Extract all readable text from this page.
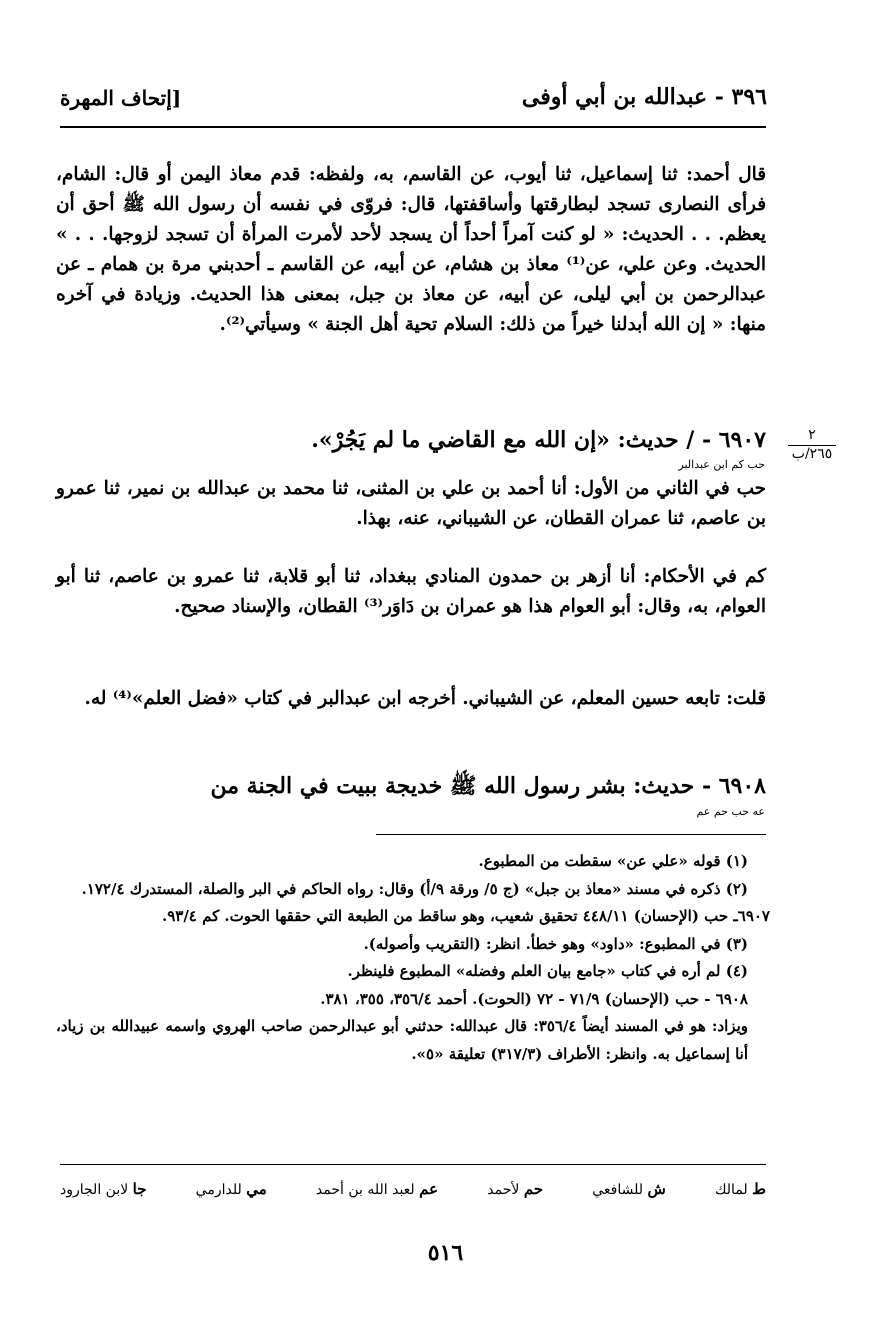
٣٩٦ - عبدالله بن أبي أوفى
[إتحاف المهرة

قال أحمد: ثنا إسماعيل، ثنا أيوب، عن القاسم، به، ولفظه: قدم معاذ اليمن أو قال: الشام، فرأى النصارى تسجد لبطارقتها وأساقفتها، قال: فروّى في نفسه أن رسول الله ﷺ أحق أن يعظم. . . الحديث: « لو كنت آمراً أحداً أن يسجد لأحد لأمرت المرأة أن تسجد لزوجها. . . » الحديث. وعن علي، عن⁽¹⁾ معاذ بن هشام، عن أبيه، عن القاسم ـ أحدبني مرة بن همام ـ عن عبدالرحمن بن أبي ليلى، عن أبيه، عن معاذ بن جبل، بمعنى هذا الحديث. وزيادة في آخره منها: « إن الله أبدلنا خيراً من ذلك: السلام تحية أهل الجنة » وسيأتي⁽²⁾.

٢
٢٦٥/ب
٦٩٠٧ - / حديث: «إن الله مع القاضي ما لم يَجُرْ».
حب كم ابن عبدالبر

حب في الثاني من الأول: أنا أحمد بن علي بن المثنى، ثنا محمد بن عبدالله بن نمير، ثنا عمرو بن عاصم، ثنا عمران القطان، عن الشيباني، عنه، بهذا.

كم في الأحكام: أنا أزهر بن حمدون المنادي ببغداد، ثنا أبو قلابة، ثنا عمرو بن عاصم، ثنا أبو العوام، به، وقال: أبو العوام هذا هو عمران بن دَاوَر⁽³⁾ القطان، والإسناد صحيح.

قلت: تابعه حسين المعلم، عن الشيباني. أخرجه ابن عبدالبر في كتاب «فضل العلم»⁽⁴⁾ له.

٦٩٠٨ - حديث: بشر رسول الله ﷺ خديجة ببيت في الجنة من
عه حب حم عم

(١) قوله «علي عن» سقطت من المطبوع.

(٢) ذكره في مسند «معاذ بن جبل» (ج ٥/ ورقة ٩/أ) وقال: رواه الحاكم في البر والصلة، المستدرك ١٧٢/٤.

٦٩٠٧ـ حب (الإحسان) ٤٤٨/١١ تحقيق شعيب، وهو ساقط من الطبعة التي حققها الحوت. كم ٩٣/٤.

(٣) في المطبوع: «داود» وهو خطأ. انظر: (التقريب وأصوله).

(٤) لم أره في كتاب «جامع بيان العلم وفضله» المطبوع فلينظر.

٦٩٠٨ - حب (الإحسان) ٧١/٩ - ٧٢ (الحوت). أحمد ٣٥٦/٤، ٣٥٥، ٣٨١.

ويزاد: هو في المسند أيضاً ٣٥٦/٤: قال عبدالله: حدثني أبو عبدالرحمن صاحب الهروي واسمه عبيدالله بن زياد، أنا إسماعيل به. وانظر: الأطراف (٣١٧/٣) تعليقة «٥».

ط لمالك
ش للشافعي
حم لأحمد
عم لعبد الله بن أحمد
مي للدارمي
جا لابن الجارود
٥١٦
